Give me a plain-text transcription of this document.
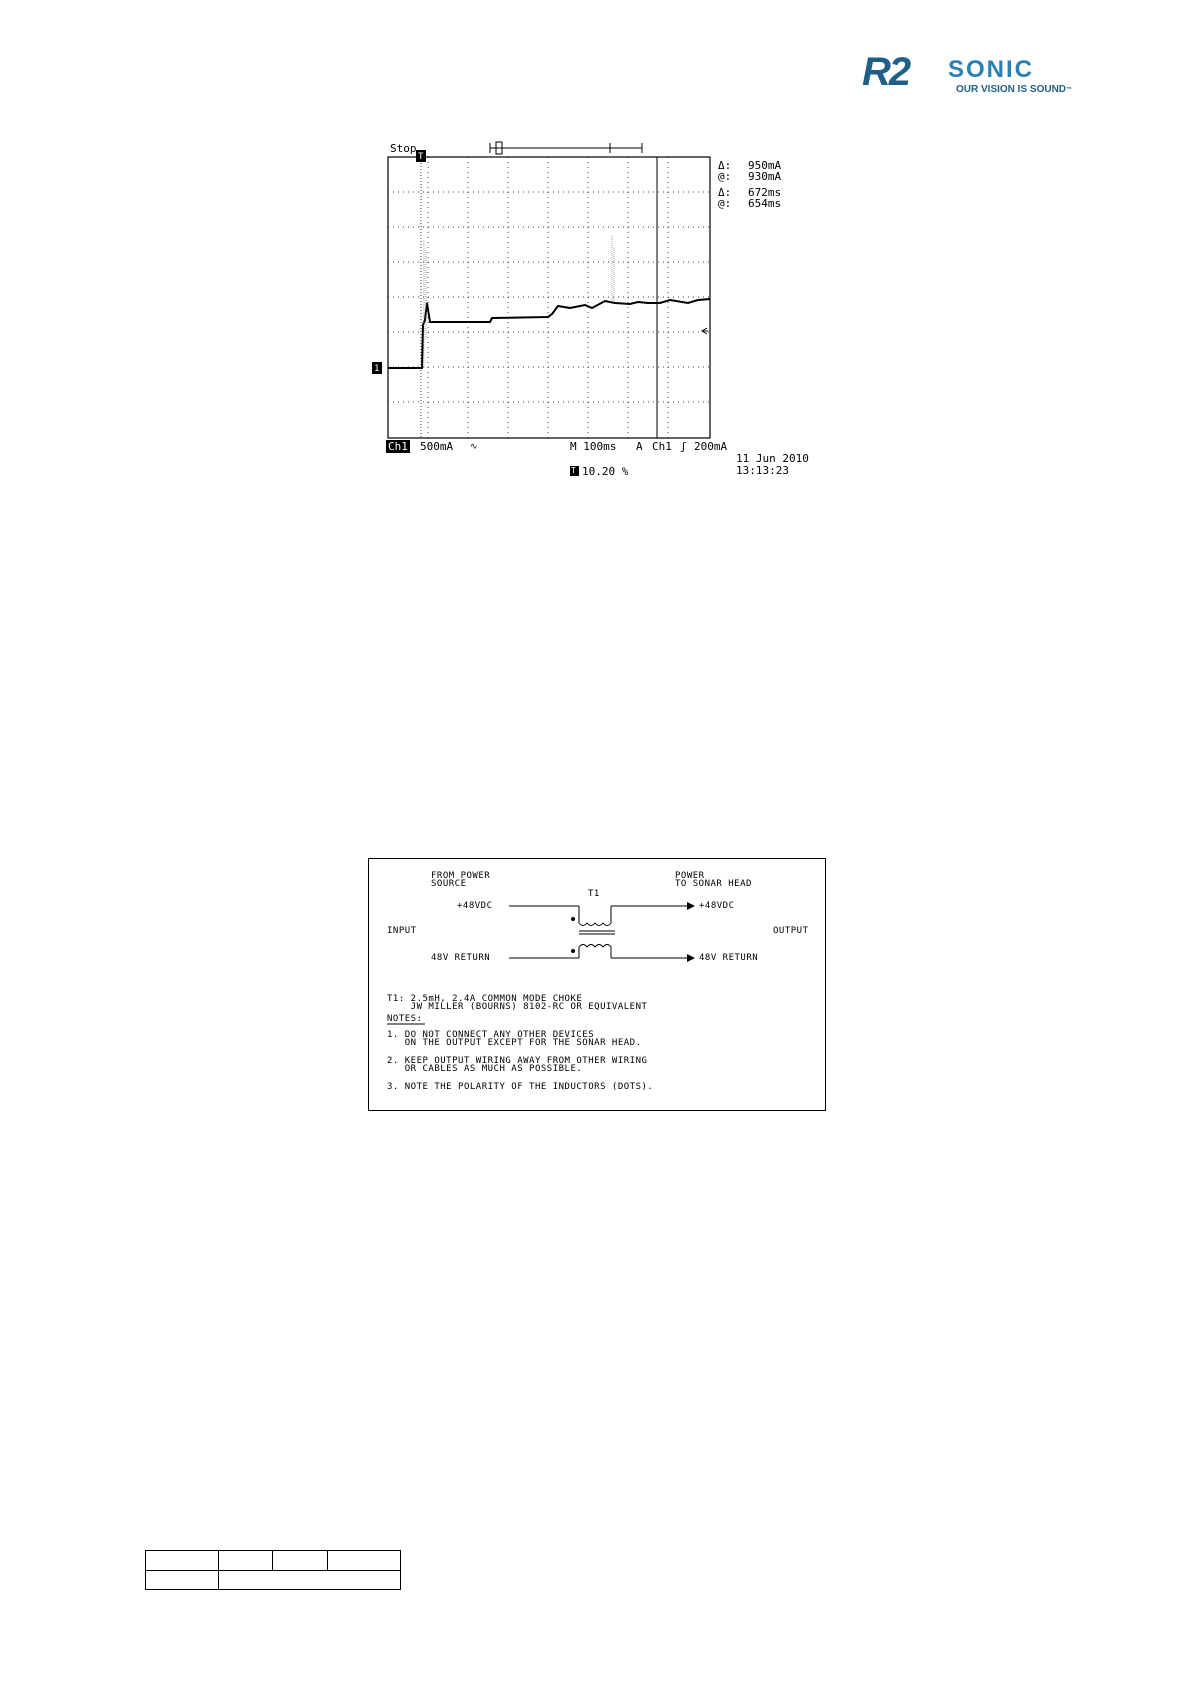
R2 SONIC
OUR VISION IS SOUND™
Stop
T
1
Δ: 950mA
@: 930mA
Δ: 672ms
@: 654ms
Ch1 500mA ∿	M 100ms A Ch1 ʃ 200mA
11 Jun 2010
13:13:23
T 10.20 %
FROM POWER
SOURCE
POWER
TO SONAR HEAD
T1
+48VDC	+48VDC
INPUT	OUTPUT
48V RETURN	48V RETURN
T1: 2.5mH, 2.4A COMMON MODE CHOKE
JW MILLER (BOURNS) 8102-RC OR EQUIVALENT
NOTES:
1. DO NOT CONNECT ANY OTHER DEVICES
ON THE OUTPUT EXCEPT FOR THE SONAR HEAD.
2. KEEP OUTPUT WIRING AWAY FROM OTHER WIRING
OR CABLES AS MUCH AS POSSIBLE.
3. NOTE THE POLARITY OF THE INDUCTORS (DOTS).
